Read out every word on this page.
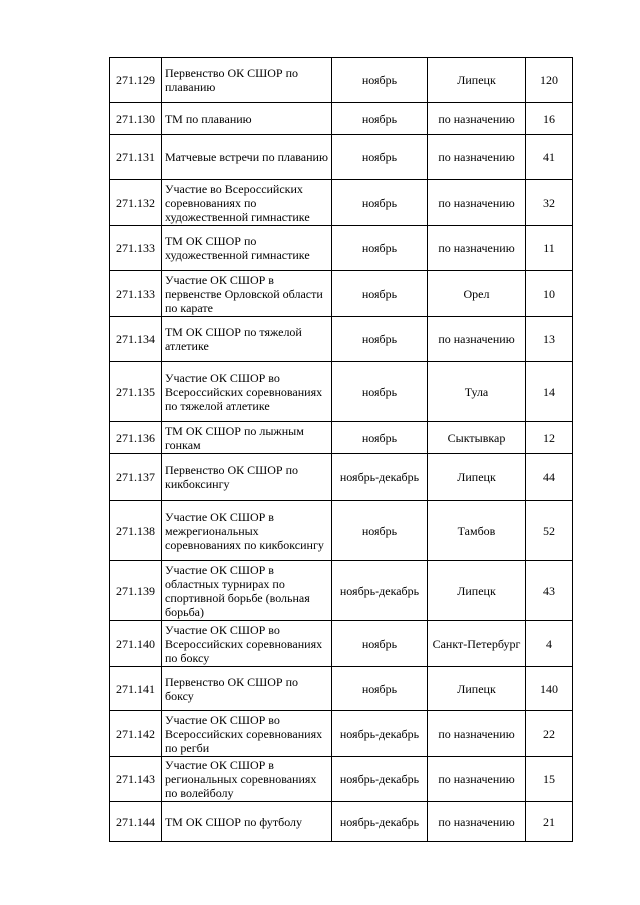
271.129	Первенство ОК СШОР по плаванию	ноябрь	Липецк	120
271.130	ТМ по плаванию	ноябрь	по назначению	16
271.131	Матчевые встречи по плаванию	ноябрь	по назначению	41
271.132	Участие во Всероссийских соревнованиях по художественной гимнастике	ноябрь	по назначению	32
271.133	ТМ ОК СШОР по художественной гимнастике	ноябрь	по назначению	11
271.133	Участие ОК СШОР в первенстве Орловской области по карате	ноябрь	Орел	10
271.134	ТМ ОК СШОР по тяжелой атлетике	ноябрь	по назначению	13
271.135	Участие ОК СШОР во Всероссийских соревнованиях по тяжелой атлетике	ноябрь	Тула	14
271.136	ТМ ОК СШОР по лыжным гонкам	ноябрь	Сыктывкар	12
271.137	Первенство ОК СШОР по кикбоксингу	ноябрь-декабрь	Липецк	44
271.138	Участие ОК СШОР в межрегиональных соревнованиях по кикбоксингу	ноябрь	Тамбов	52
271.139	Участие ОК СШОР в областных турнирах по спортивной борьбе (вольная борьба)	ноябрь-декабрь	Липецк	43
271.140	Участие ОК СШОР во Всероссийских соревнованиях по боксу	ноябрь	Санкт-Петербург	4
271.141	Первенство ОК СШОР по боксу	ноябрь	Липецк	140
271.142	Участие ОК СШОР во Всероссийских соревнованиях по регби	ноябрь-декабрь	по назначению	22
271.143	Участие ОК СШОР в региональных соревнованиях по волейболу	ноябрь-декабрь	по назначению	15
271.144	ТМ ОК СШОР по футболу	ноябрь-декабрь	по назначению	21
